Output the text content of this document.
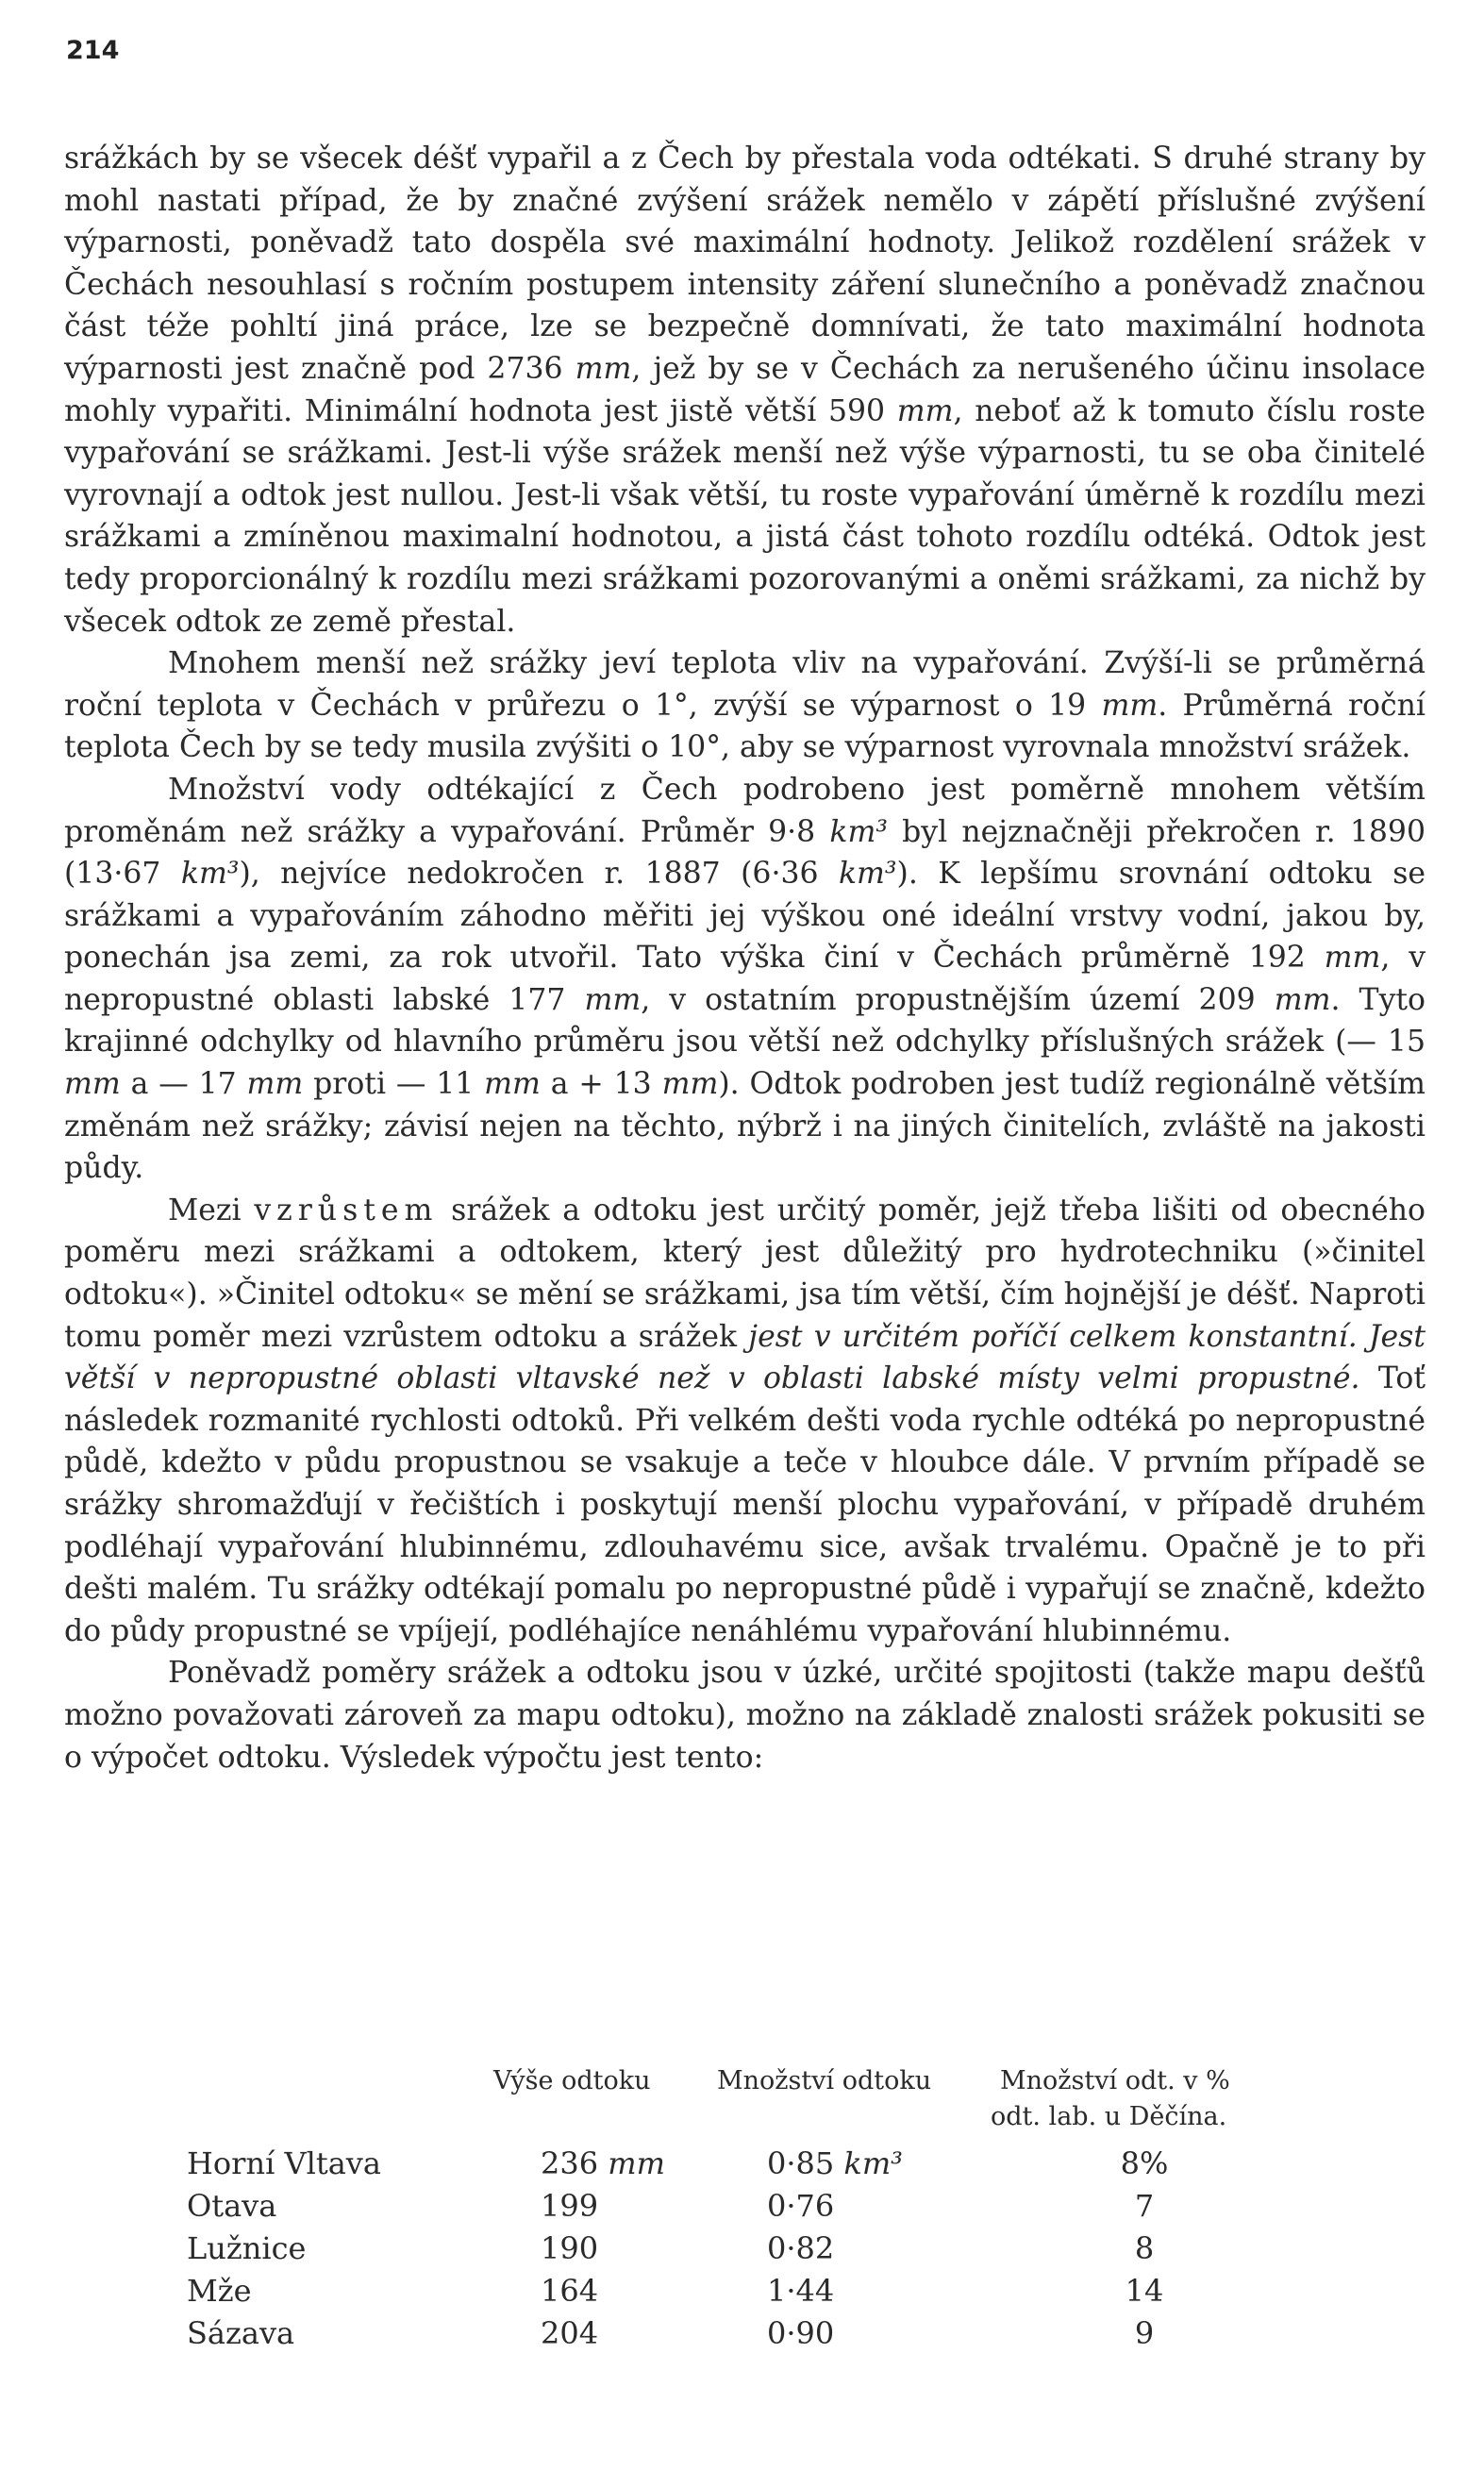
214

srážkách by se všecek déšť vypařil a z Čech by přestala voda odtékati. S druhé strany by mohl nastati případ, že by značné zvýšení srážek nemělo v zápětí příslušné zvýšení výparnosti, poněvadž tato dospěla své maximální hodnoty. Jelikož rozdělení srážek v Čechách nesouhlasí s ročním postupem intensity záření slunečního a poněvadž značnou část téže pohltí jiná práce, lze se bezpečně domnívati, že tato maximální hodnota výparnosti jest značně pod 2736 mm, jež by se v Čechách za nerušeného účinu insolace mohly vypařiti. Minimální hodnota jest jistě větší 590 mm, neboť až k tomuto číslu roste vypařování se srážkami. Jest-li výše srážek menší než výše výparnosti, tu se oba činitelé vyrovnají a odtok jest nullou. Jest-li však větší, tu roste vypařování úměrně k rozdílu mezi srážkami a zmíněnou maximalní hodnotou, a jistá část tohoto rozdílu odtéká. Odtok jest tedy proporcionálný k rozdílu mezi srážkami pozorovanými a oněmi srážkami, za nichž by všecek odtok ze země přestal.

Mnohem menší než srážky jeví teplota vliv na vypařování. Zvýší-li se průměrná roční teplota v Čechách v průřezu o 1°, zvýší se výparnost o 19 mm. Průměrná roční teplota Čech by se tedy musila zvýšiti o 10°, aby se výparnost vyrovnala množství srážek.

Množství vody odtékající z Čech podrobeno jest poměrně mnohem větším proměnám než srážky a vypařování. Průměr 9·8 km³ byl nejznačněji překročen r. 1890 (13·67 km³), nejvíce nedokročen r. 1887 (6·36 km³). K lepšímu srovnání odtoku se srážkami a vypařováním záhodno měřiti jej výškou oné ideální vrstvy vodní, jakou by, ponechán jsa zemi, za rok utvořil. Tato výška činí v Čechách průměrně 192 mm, v nepropustné oblasti labské 177 mm, v ostatním propustnějším území 209 mm. Tyto krajinné odchylky od hlavního průměru jsou větší než odchylky příslušných srážek (— 15 mm a — 17 mm proti — 11 mm a + 13 mm). Odtok podroben jest tudíž regionálně větším změnám než srážky; závisí nejen na těchto, nýbrž i na jiných činitelích, zvláště na jakosti půdy.

Mezi vzrůstem srážek a odtoku jest určitý poměr, jejž třeba lišiti od obecného poměru mezi srážkami a odtokem, který jest důležitý pro hydrotechniku (»činitel odtoku«). »Činitel odtoku« se mění se srážkami, jsa tím větší, čím hojnější je déšť. Naproti tomu poměr mezi vzrůstem odtoku a srážek jest v určitém poříčí celkem konstantní. Jest větší v nepropustné oblasti vltavské než v oblasti labské místy velmi propustné. Toť následek rozmanité rychlosti odtoků. Při velkém dešti voda rychle odtéká po nepropustné půdě, kdežto v půdu propustnou se vsakuje a teče v hloubce dále. V prvním případě se srážky shromažďují v řečištích i poskytují menší plochu vypařování, v případě druhém podléhají vypařování hlubinnému, zdlouhavému sice, avšak trvalému. Opačně je to při dešti malém. Tu srážky odtékají pomalu po nepropustné půdě i vypařují se značně, kdežto do půdy propustné se vpíjejí, podléhajíce nenáhlému vypařování hlubinnému.

Poněvadž poměry srážek a odtoku jsou v úzké, určité spojitosti (takže mapu dešťů možno považovati zároveň za mapu odtoku), možno na základě znalosti srážek pokusiti se o výpočet odtoku. Výsledek výpočtu jest tento:

Výše odtoku	Množství odtoku	Množství odt. v %
odt. lab. u Děčína.
Horní Vltava	236 mm	0·85 km³	8%
Otava	199	0·76	7
Lužnice	190	0·82	8
Mže	164	1·44	14
Sázava	204	0·90	9
